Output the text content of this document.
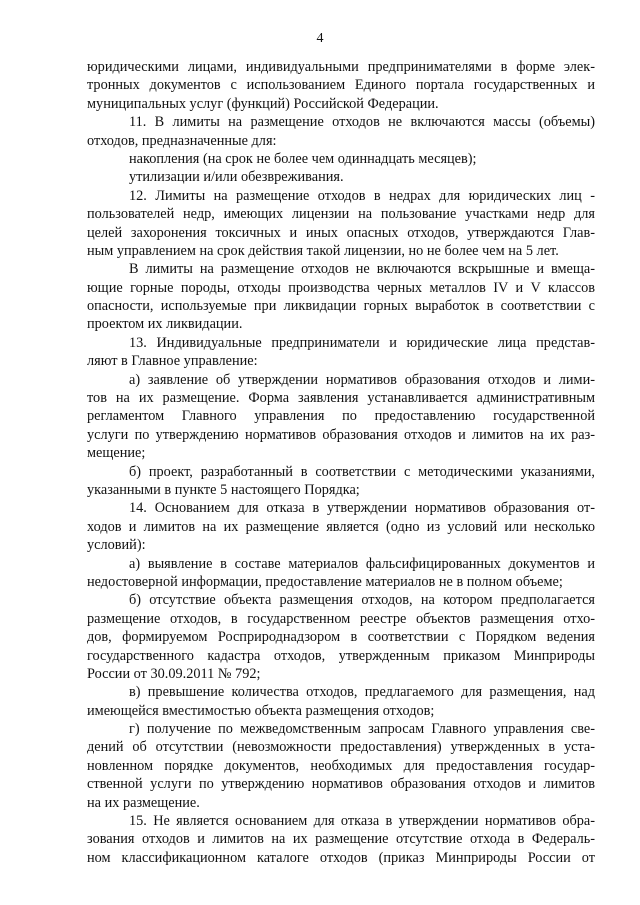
4
юридическими лицами, индивидуальными предпринимателями в форме элек-
тронных документов с использованием Единого портала государственных и
муниципальных услуг (функций) Российской Федерации.
11. В лимиты на размещение отходов не включаются массы (объемы)
отходов, предназначенные для:
накопления (на срок не более чем одиннадцать месяцев);
утилизации и/или обезвреживания.
12. Лимиты на размещение отходов в недрах для юридических лиц -
пользователей недр, имеющих лицензии на пользование участками недр для
целей захоронения токсичных и иных опасных отходов, утверждаются Глав-
ным управлением на срок действия такой лицензии, но не более чем на 5 лет.
В лимиты на размещение отходов не включаются вскрышные и вмеща-
ющие горные породы, отходы производства черных металлов IV и V классов
опасности, используемые при ликвидации горных выработок в соответствии с
проектом их ликвидации.
13. Индивидуальные предприниматели и юридические лица представ-
ляют в Главное управление:
а) заявление об утверждении нормативов образования отходов и лими-
тов на их размещение. Форма заявления устанавливается административным
регламентом Главного управления по предоставлению государственной
услуги по утверждению нормативов образования отходов и лимитов на их раз-
мещение;
б) проект, разработанный в соответствии с методическими указаниями,
указанными в пункте 5 настоящего Порядка;
14. Основанием для отказа в утверждении нормативов образования от-
ходов и лимитов на их размещение является (одно из условий или несколько
условий):
а) выявление в составе материалов фальсифицированных документов и
недостоверной информации, предоставление материалов не в полном объеме;
б) отсутствие объекта размещения отходов, на котором предполагается
размещение отходов, в государственном реестре объектов размещения отхо-
дов, формируемом Росприроднадзором в соответствии с Порядком ведения
государственного кадастра отходов, утвержденным приказом Минприроды
России от 30.09.2011 № 792;
в) превышение количества отходов, предлагаемого для размещения, над
имеющейся вместимостью объекта размещения отходов;
г) получение по межведомственным запросам Главного управления све-
дений об отсутствии (невозможности предоставления) утвержденных в уста-
новленном порядке документов, необходимых для предоставления государ-
ственной услуги по утверждению нормативов образования отходов и лимитов
на их размещение.
15. Не является основанием для отказа в утверждении нормативов обра-
зования отходов и лимитов на их размещение отсутствие отхода в Федераль-
ном классификационном каталоге отходов (приказ Минприроды России от
